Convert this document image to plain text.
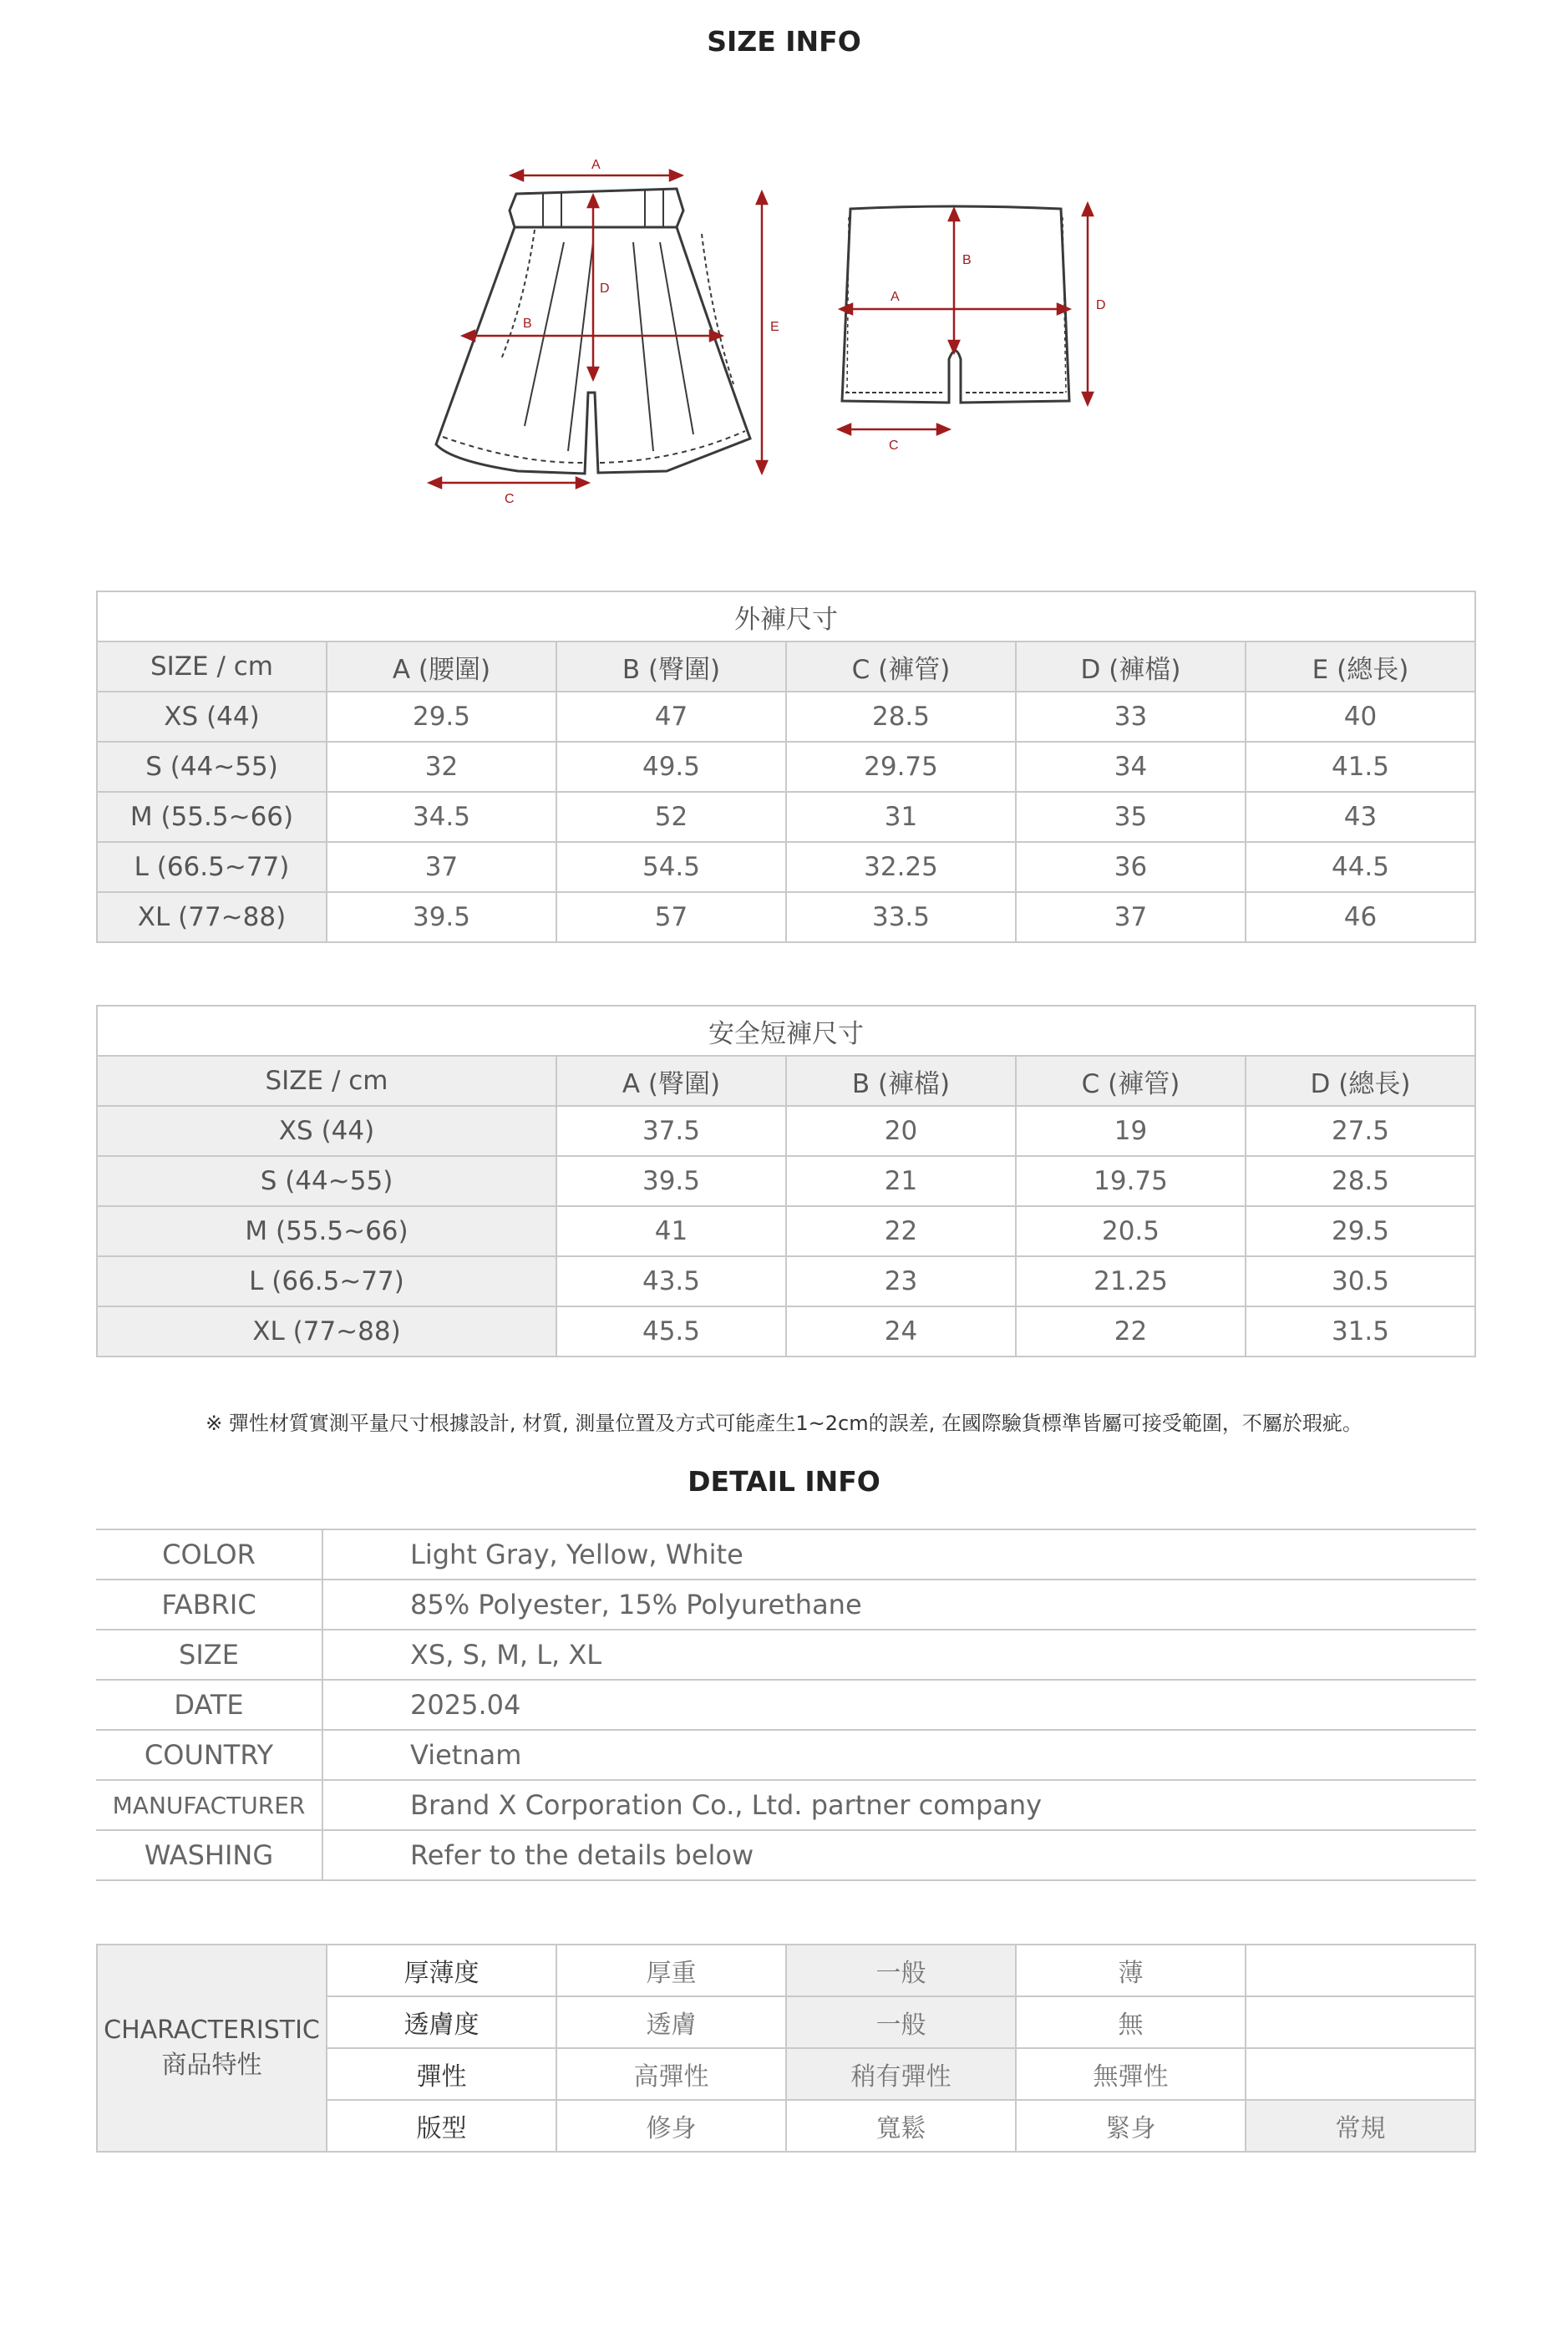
SIZE INFO
A
D
B	E
C
B
A
D
C
外褲尺寸					
SIZE / cm	A (腰圍)	B (臀圍)	C (褲管)	D (褲檔)	E (總長)
XS (44)	29.5	47	28.5	33	40
S (44~55)	32	49.5	29.75	34	41.5
M (55.5~66)	34.5	52	31	35	43
L (66.5~77)	37	54.5	32.25	36	44.5
XL (77~88)	39.5	57	33.5	37	46
安全短褲尺寸				
SIZE / cm	A (臀圍)	B (褲檔)	C (褲管)	D (總長)
XS (44)	37.5	20	19	27.5
S (44~55)	39.5	21	19.75	28.5
M (55.5~66)	41	22	20.5	29.5
L (66.5~77)	43.5	23	21.25	30.5
XL (77~88)	45.5	24	22	31.5
※ 彈性材質實測平量尺寸根據設計, 材質, 測量位置及方式可能產生1~2cm的誤差, 在國際驗貨標準皆屬可接受範圍，不屬於瑕疵。
DETAIL INFO
COLOR	Light Gray, Yellow, White
FABRIC	85% Polyester, 15% Polyurethane
SIZE	XS, S, M, L, XL
DATE	2025.04
COUNTRY	Vietnam
MANUFACTURER	Brand X Corporation Co., Ltd. partner company
WASHING	Refer to the details below
CHARACTERISTIC
商品特性	厚薄度	厚重	一般	薄	
	透膚度	透膚	一般	無	
	彈性	高彈性	稍有彈性	無彈性	
	版型	修身	寬鬆	緊身	常規
